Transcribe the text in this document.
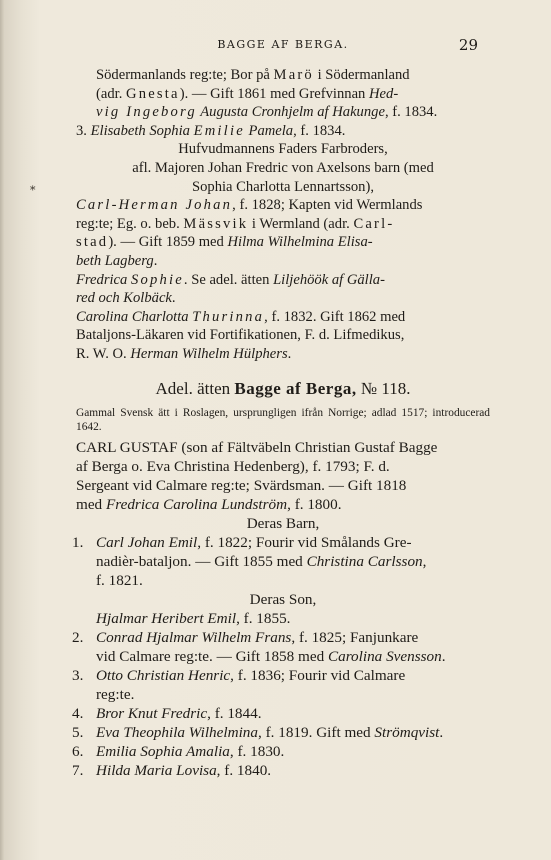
⁎
BAGGE AF BERGA.	29

Södermanlands reg:te; Bor på Marö i Södermanland
(adr. Gnesta). — Gift 1861 med Grefvinnan Hed-
vig Ingeborg Augusta Cronhjelm af Hakunge, f. 1834.

3. Elisabeth Sophia Emilie Pamela, f. 1834.

Hufvudmannens Faders Farbroders,

afl. Majoren Johan Fredric von Axelsons barn (med

Sophia Charlotta Lennartsson),

Carl-Herman Johan, f. 1828; Kapten vid Wermlands
reg:te; Eg. o. beb. Mässvik i Wermland (adr. Carl-
stad). — Gift 1859 med Hilma Wilhelmina Elisa-
beth Lagberg.

Fredrica Sophie. Se adel. ätten Liljehöök af Gälla-
red och Kolbäck.

Carolina Charlotta Thurinna, f. 1832. Gift 1862 med
Bataljons-Läkaren vid Fortifikationen, F. d. Lifmedikus,
R. W. O. Herman Wilhelm Hülphers.

Adel. ätten Bagge af Berga, № 118.

Gammal Svensk ätt i Roslagen, ursprungligen ifrån Norrige; adlad 1517; introducerad 1642.

CARL GUSTAF (son af Fältväbeln Christian Gustaf Bagge
af Berga o. Eva Christina Hedenberg), f. 1793; F. d.
Sergeant vid Calmare reg:te; Svärdsman. — Gift 1818
med Fredrica Carolina Lundström, f. 1800.

Deras Barn,

1. Carl Johan Emil, f. 1822; Fourir vid Smålands Gre-
nadièr-bataljon. — Gift 1855 med Christina Carlsson,
f. 1821.

Deras Son,

Hjalmar Heribert Emil, f. 1855.

2. Conrad Hjalmar Wilhelm Frans, f. 1825; Fanjunkare
vid Calmare reg:te. — Gift 1858 med Carolina Svensson.
3. Otto Christian Henric, f. 1836; Fourir vid Calmare
reg:te.
4. Bror Knut Fredric, f. 1844.
5. Eva Theophila Wilhelmina, f. 1819. Gift med Strömqvist.
6. Emilia Sophia Amalia, f. 1830.
7. Hilda Maria Lovisa, f. 1840.
